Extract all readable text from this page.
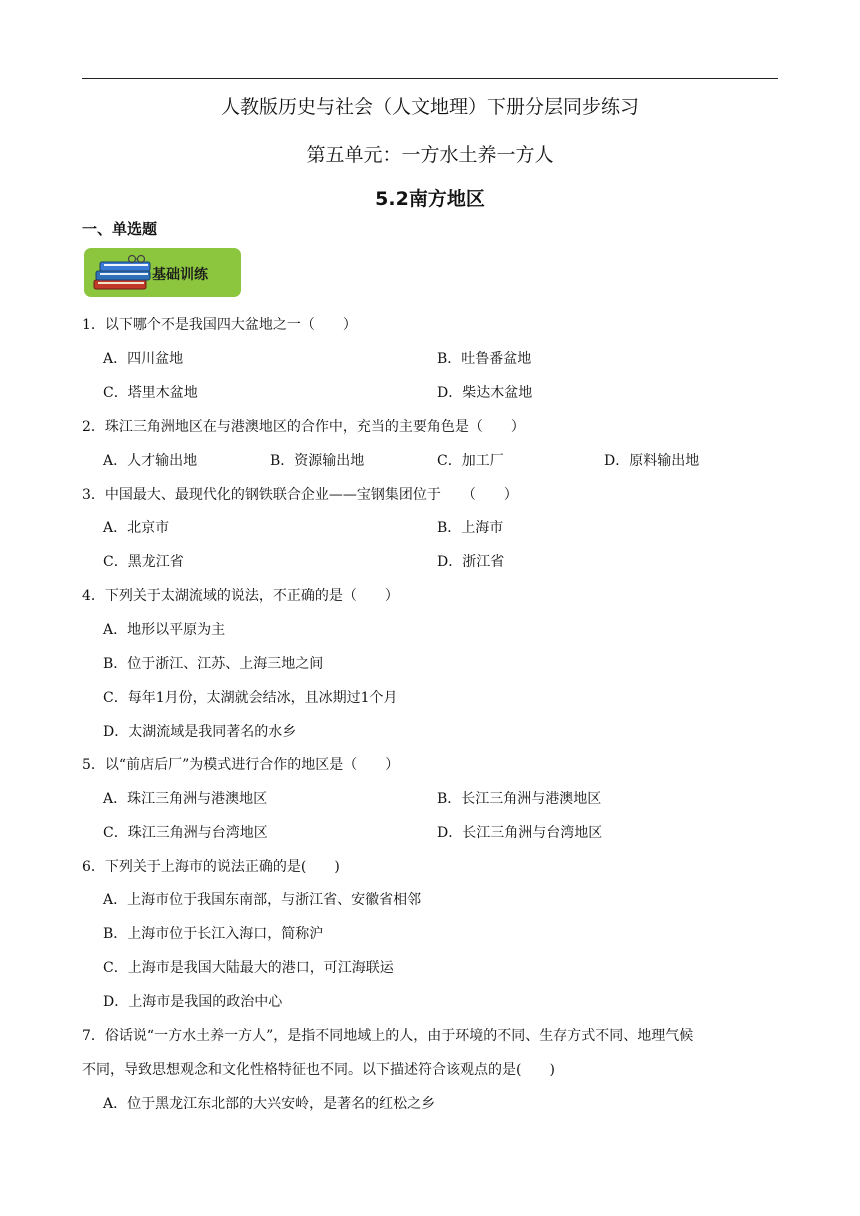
人教版历史与社会（人文地理）下册分层同步练习
第五单元：一方水土养一方人
5.2南方地区
一、单选题
基础训练
1．以下哪个不是我国四大盆地之一（　　）
A．四川盆地	B．吐鲁番盆地
C．塔里木盆地	D．柴达木盆地
2．珠江三角洲地区在与港澳地区的合作中，充当的主要角色是（　　）
A．人才输出地	B．资源输出地	C．加工厂	D．原料输出地
3．中国最大、最现代化的钢铁联合企业——宝钢集团位于　　（　　）
A．北京市	B．上海市
C．黑龙江省	D．浙江省
4．下列关于太湖流域的说法，不正确的是（　　）
A．地形以平原为主
B．位于浙江、江苏、上海三地之间
C．每年1月份，太湖就会结冰，且冰期过1个月
D．太湖流域是我同著名的水乡
5．以“前店后厂”为模式进行合作的地区是（　　）
A．珠江三角洲与港澳地区	B．长江三角洲与港澳地区
C．珠江三角洲与台湾地区	D．长江三角洲与台湾地区
6．下列关于上海市的说法正确的是(　　)
A．上海市位于我国东南部，与浙江省、安徽省相邻
B．上海市位于长江入海口，简称沪
C．上海市是我国大陆最大的港口，可江海联运
D．上海市是我国的政治中心
7．俗话说“一方水土养一方人”，是指不同地域上的人，由于环境的不同、生存方式不同、地理气候
不同，导致思想观念和文化性格特征也不同。以下描述符合该观点的是(　　)
A．位于黑龙江东北部的大兴安岭，是著名的红松之乡
